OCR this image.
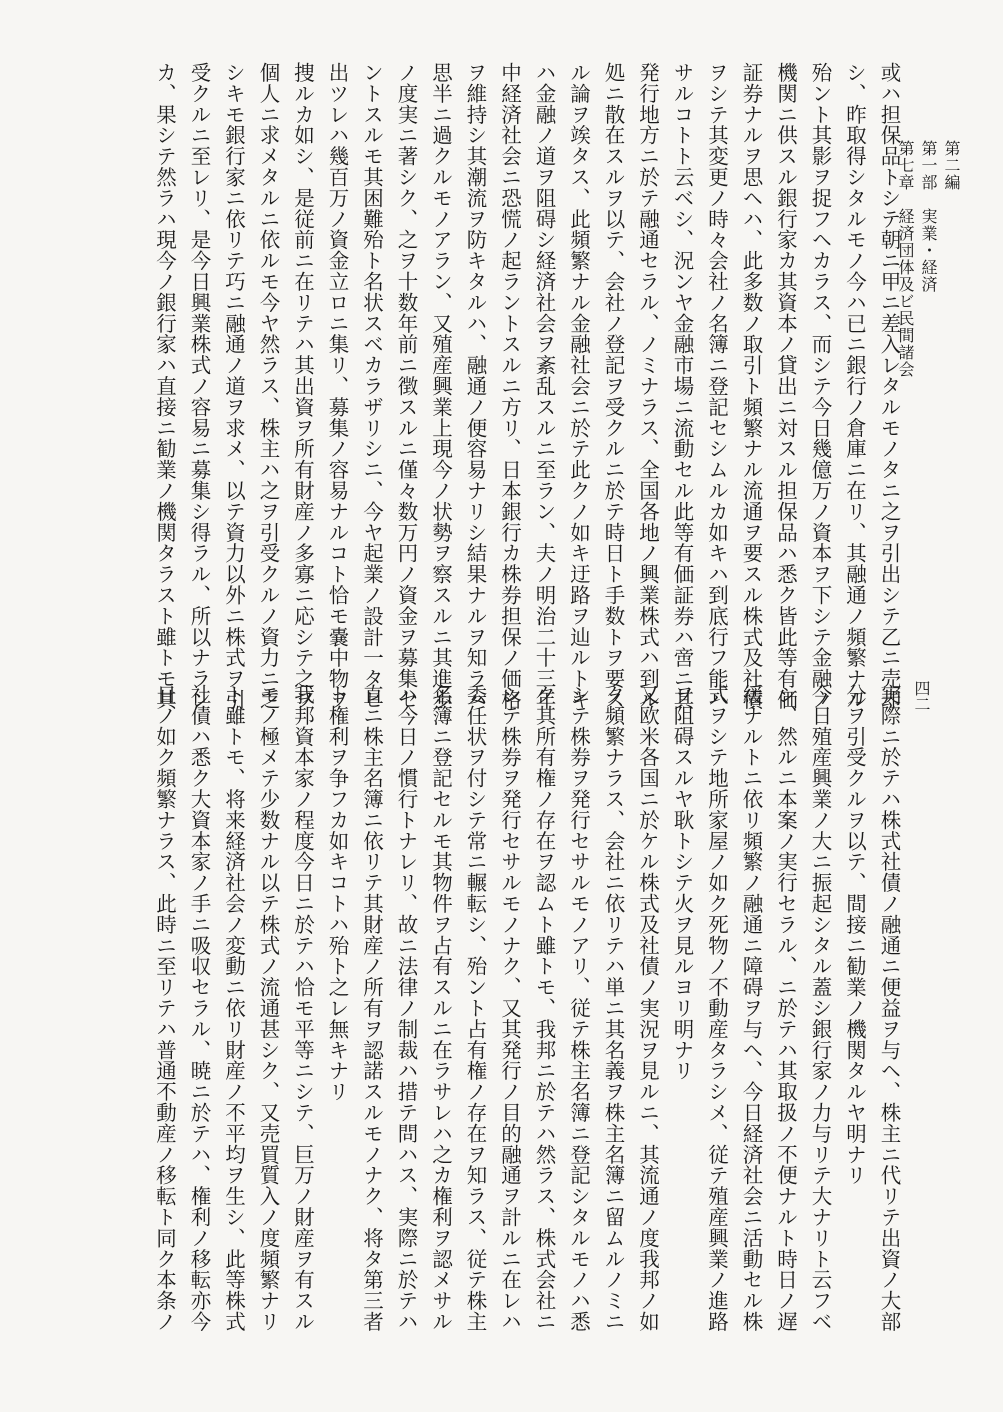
第二編
第一部　実業・経済
第七章　経済団体及ビ民間諸会
四二

或ハ担保品トシテ朝ニ甲ニ差入レタルモノタニ之ヲ引出シテ乙ニ売却

シ、昨取得シタルモノ今ハ已ニ銀行ノ倉庫ニ在リ、其融通ノ頻繁ナル

殆ント其影ヲ捉フヘカラス、而シテ今日幾億万ノ資本ヲ下シテ金融ノ

機関ニ供スル銀行家カ其資本ノ貸出ニ対スル担保品ハ悉ク皆此等有価

証券ナルヲ思ヘハ、此多数ノ取引ト頻繁ナル流通ヲ要スル株式及社債

ヲシテ其変更ノ時々会社ノ名簿ニ登記セシムルカ如キハ到底行フ能ハ

サルコトト云ベシ、況ンヤ金融市場ニ流動セル此等有価証券ハ啻ニ其

発行地方ニ於テ融通セラル、ノミナラス、全国各地ノ興業株式ハ到ル

処ニ散在スルヲ以テ、会社ノ登記ヲ受クルニ於テ時日ト手数トヲ要ス

ル論ヲ竢タス、此頻繁ナル金融社会ニ於テ此クノ如キ迂路ヲ辿ルトキ

ハ金融ノ道ヲ阻碍シ経済社会ヲ紊乱スルニ至ラン、夫ノ明治二十三年

中経済社会ニ恐慌ノ起ラントスルニ方リ、日本銀行カ株券担保ノ価格

ヲ維持シ其潮流ヲ防キタルハ、融通ノ便容易ナリシ結果ナルヲ知ラハ

思半ニ過クルモノアラン、又殖産興業上現今ノ状勢ヲ察スルニ其進歩

ノ度実ニ著シク、之ヲ十数年前ニ徴スルニ僅々数万円ノ資金ヲ募集セ

ントスルモ其困難殆ト名状スベカラザリシニ、今ヤ起業ノ設計一タヒ

出ツレハ幾百万ノ資金立ロニ集リ、募集ノ容易ナルコト恰モ嚢中物ヲ

捜ルカ如シ、是従前ニ在リテハ其出資ヲ所有財産ノ多寡ニ応シテ之ヲ

個人ニ求メタルニ依ルモ今ヤ然ラス、株主ハ之ヲ引受クルノ資力ニ乏

シキモ銀行家ニ依リテ巧ニ融通ノ道ヲ求メ、以テ資力以外ニ株式ヲ引

受クルニ至レリ、是今日興業株式ノ容易ニ募集シ得ラル、所以ナラン

カ、果シテ然ラハ現今ノ銀行家ハ直接ニ勧業ノ機関タラスト雖トモ其

実際ニ於テハ株式社債ノ融通ニ便益ヲ与ヘ、株主ニ代リテ出資ノ大部

分ヲ引受クルヲ以テ、間接ニ勧業ノ機関タルヤ明ナリ

今日殖産興業ノ大ニ振起シタル蓋シ銀行家ノ力与リテ大ナリト云フベ

シ、然ルニ本案ノ実行セラル、ニ於テハ其取扱ノ不便ナルト時日ノ遅

緩ナルトニ依リ頻繁ノ融通ニ障碍ヲ与ヘ、今日経済社会ニ活動セル株

式ヲシテ地所家屋ノ如ク死物ノ不動産タラシメ、従テ殖産興業ノ進路

ヲ阻碍スルヤ耿トシテ火ヲ見ルヨリ明ナリ

又欧米各国ニ於ケル株式及社債ノ実況ヲ見ルニ、其流通ノ度我邦ノ如

ク頻繁ナラス、会社ニ依リテハ単ニ其名義ヲ株主名簿ニ留ムルノミニ

シテ株券ヲ発行セサルモノアリ、従テ株主名簿ニ登記シタルモノハ悉

ク其所有権ノ存在ヲ認ムト雖トモ、我邦ニ於テハ然ラス、株式会社ニ

シテ株券ヲ発行セサルモノナク、又其発行ノ目的融通ヲ計ルニ在レハ

委任状ヲ付シテ常ニ輾転シ、殆ント占有権ノ存在ヲ知ラス、従テ株主

名簿ニ登記セルモ其物件ヲ占有スルニ在ラサレハ之カ権利ヲ認メサル

ハ今日ノ慣行トナレリ、故ニ法律ノ制裁ハ措テ問ハス、実際ニ於テハ

直ニ株主名簿ニ依リテ其財産ノ所有ヲ認諾スルモノナク、将タ第三者

ト権利ヲ争フカ如キコトハ殆ト之レ無キナリ

我邦資本家ノ程度今日ニ於テハ恰モ平等ニシテ、巨万ノ財産ヲ有スル

モノ極メテ少数ナル以テ株式ノ流通甚シク、又売買質入ノ度頻繁ナリ

ト雖トモ、将来経済社会ノ変動ニ依リ財産ノ不平均ヲ生シ、此等株式

社債ハ悉ク大資本家ノ手ニ吸収セラル、暁ニ於テハ、権利ノ移転亦今

日ノ如ク頻繁ナラス、此時ニ至リテハ普通不動産ノ移転ト同ク本条ノ
